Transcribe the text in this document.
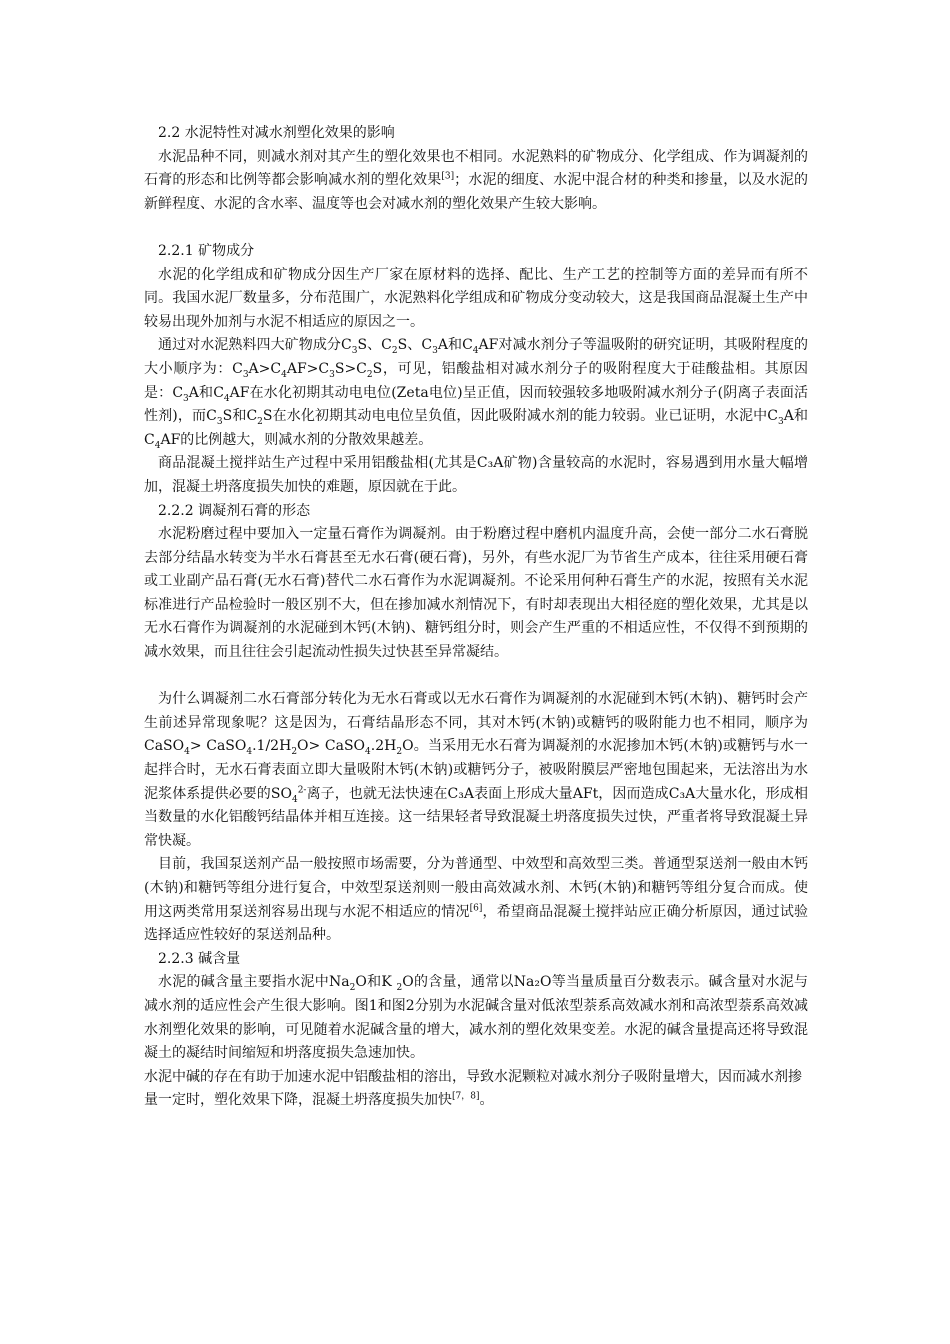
2.2 水泥特性对减水剂塑化效果的影响

水泥品种不同，则减水剂对其产生的塑化效果也不相同。水泥熟料的矿物成分、化学组成、作为调凝剂的石膏的形态和比例等都会影响减水剂的塑化效果[3]；水泥的细度、水泥中混合材的种类和掺量，以及水泥的新鲜程度、水泥的含水率、温度等也会对减水剂的塑化效果产生较大影响。

2.2.1 矿物成分

水泥的化学组成和矿物成分因生产厂家在原材料的选择、配比、生产工艺的控制等方面的差异而有所不同。我国水泥厂数量多，分布范围广，水泥熟料化学组成和矿物成分变动较大，这是我国商品混凝土生产中较易出现外加剂与水泥不相适应的原因之一。

通过对水泥熟料四大矿物成分$C_3S$、$C_2S$、$C_3A$和$C_4AF$对减水剂分子等温吸附的研究证明，其吸附程度的大小顺序为：$C_3A>C_4AF>C_3S>C_2S$，可见，铝酸盐相对减水剂分子的吸附程度大于硅酸盐相。其原因是：$C_3A$和$C_4AF$在水化初期其动电电位(Zeta电位)呈正值，因而较强较多地吸附减水剂分子(阴离子表面活性剂)，而$C_3S$和$C_2S$在水化初期其动电电位呈负值，因此吸附减水剂的能力较弱。业已证明，水泥中$C_3A$和$C_4AF$的比例越大，则减水剂的分散效果越差。

商品混凝土搅拌站生产过程中采用铝酸盐相(尤其是C₃A矿物)含量较高的水泥时，容易遇到用水量大幅增加，混凝土坍落度损失加快的难题，原因就在于此。

2.2.2 调凝剂石膏的形态

水泥粉磨过程中要加入一定量石膏作为调凝剂。由于粉磨过程中磨机内温度升高，会使一部分二水石膏脱去部分结晶水转变为半水石膏甚至无水石膏(硬石膏)，另外，有些水泥厂为节省生产成本，往往采用硬石膏或工业副产品石膏(无水石膏)替代二水石膏作为水泥调凝剂。不论采用何种石膏生产的水泥，按照有关水泥标准进行产品检验时一般区别不大，但在掺加减水剂情况下，有时却表现出大相径庭的塑化效果，尤其是以无水石膏作为调凝剂的水泥碰到木钙(木钠)、糖钙组分时，则会产生严重的不相适应性，不仅得不到预期的减水效果，而且往往会引起流动性损失过快甚至异常凝结。

为什么调凝剂二水石膏部分转化为无水石膏或以无水石膏作为调凝剂的水泥碰到木钙(木钠)、糖钙时会产生前述异常现象呢？这是因为，石膏结晶形态不同，其对木钙(木钠)或糖钙的吸附能力也不相同，顺序为CaSO$_4$> $CaSO_4.1/2H_2O>$ $CaSO_4.2H_2O$。当采用无水石膏为调凝剂的水泥掺加木钙(木钠)或糖钙与水一起拌合时，无水石膏表面立即大量吸附木钙(木钠)或糖钙分子，被吸附膜层严密地包围起来，无法溶出为水泥浆体系提供必要的$SO_4^{2-}$离子，也就无法快速在C₃A表面上形成大量AFt，因而造成C₃A大量水化，形成相当数量的水化铝酸钙结晶体并相互连接。这一结果轻者导致混凝土坍落度损失过快，严重者将导致混凝土异常快凝。

目前，我国泵送剂产品一般按照市场需要，分为普通型、中效型和高效型三类。普通型泵送剂一般由木钙(木钠)和糖钙等组分进行复合，中效型泵送剂则一般由高效减水剂、木钙(木钠)和糖钙等组分复合而成。使用这两类常用泵送剂容易出现与水泥不相适应的情况[6]，希望商品混凝土搅拌站应正确分析原因，通过试验选择适应性较好的泵送剂品种。

2.2.3 碱含量

水泥的碱含量主要指水泥中$Na_2O$和K $_2$O的含量，通常以Na₂O等当量质量百分数表示。碱含量对水泥与减水剂的适应性会产生很大影响。图1和图2分别为水泥碱含量对低浓型萘系高效减水剂和高浓型萘系高效减水剂塑化效果的影响，可见随着水泥碱含量的增大，减水剂的塑化效果变差。水泥的碱含量提高还将导致混凝土的凝结时间缩短和坍落度损失急速加快。

水泥中碱的存在有助于加速水泥中铝酸盐相的溶出，导致水泥颗粒对减水剂分子吸附量增大，因而减水剂掺量一定时，塑化效果下降，混凝土坍落度损失加快[7，8]。
